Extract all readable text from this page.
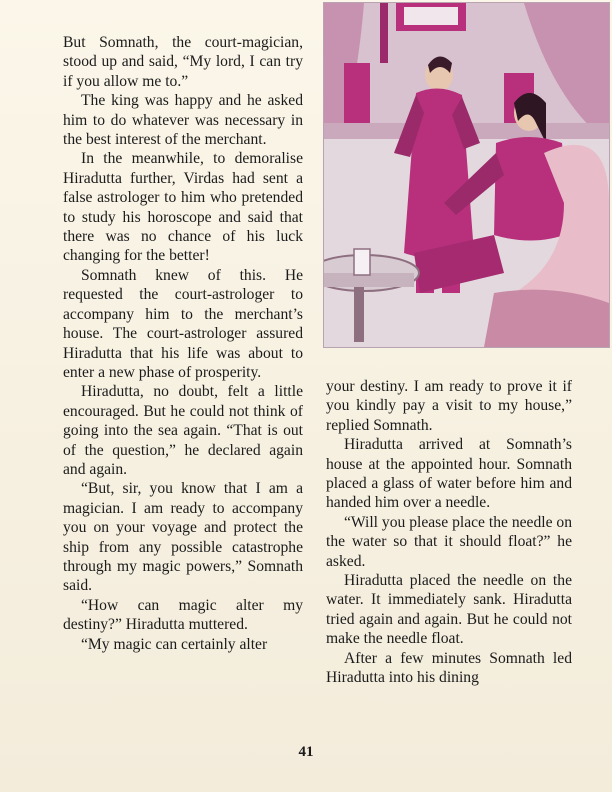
But Somnath, the court-magician, stood up and said, “My lord, I can try if you allow me to.”

The king was happy and he asked him to do whatever was necessary in the best interest of the merchant.

In the meanwhile, to demoralise Hiradutta further, Virdas had sent a false astrologer to him who pretended to study his horoscope and said that there was no chance of his luck changing for the better!

Somnath knew of this. He requested the court-astrologer to accompany him to the merchant’s house. The court-astrologer assured Hiradutta that his life was about to enter a new phase of prosperity.

Hiradutta, no doubt, felt a little encouraged. But he could not think of going into the sea again. “That is out of the question,” he declared again and again.

“But, sir, you know that I am a magician. I am ready to accompany you on your voyage and protect the ship from any possible catastrophe through my magic powers,” Somnath said.

“How can magic alter my destiny?” Hiradutta muttered.

“My magic can certainly alter

your destiny. I am ready to prove it if you kindly pay a visit to my house,” replied Somnath.

Hiradutta arrived at Somnath’s house at the appointed hour. Somnath placed a glass of water before him and handed him over a needle.

“Will you please place the needle on the water so that it should float?” he asked.

Hiradutta placed the needle on the water. It immediately sank. Hiradutta tried again and again. But he could not make the needle float.

After a few minutes Somnath led Hiradutta into his dining

41
